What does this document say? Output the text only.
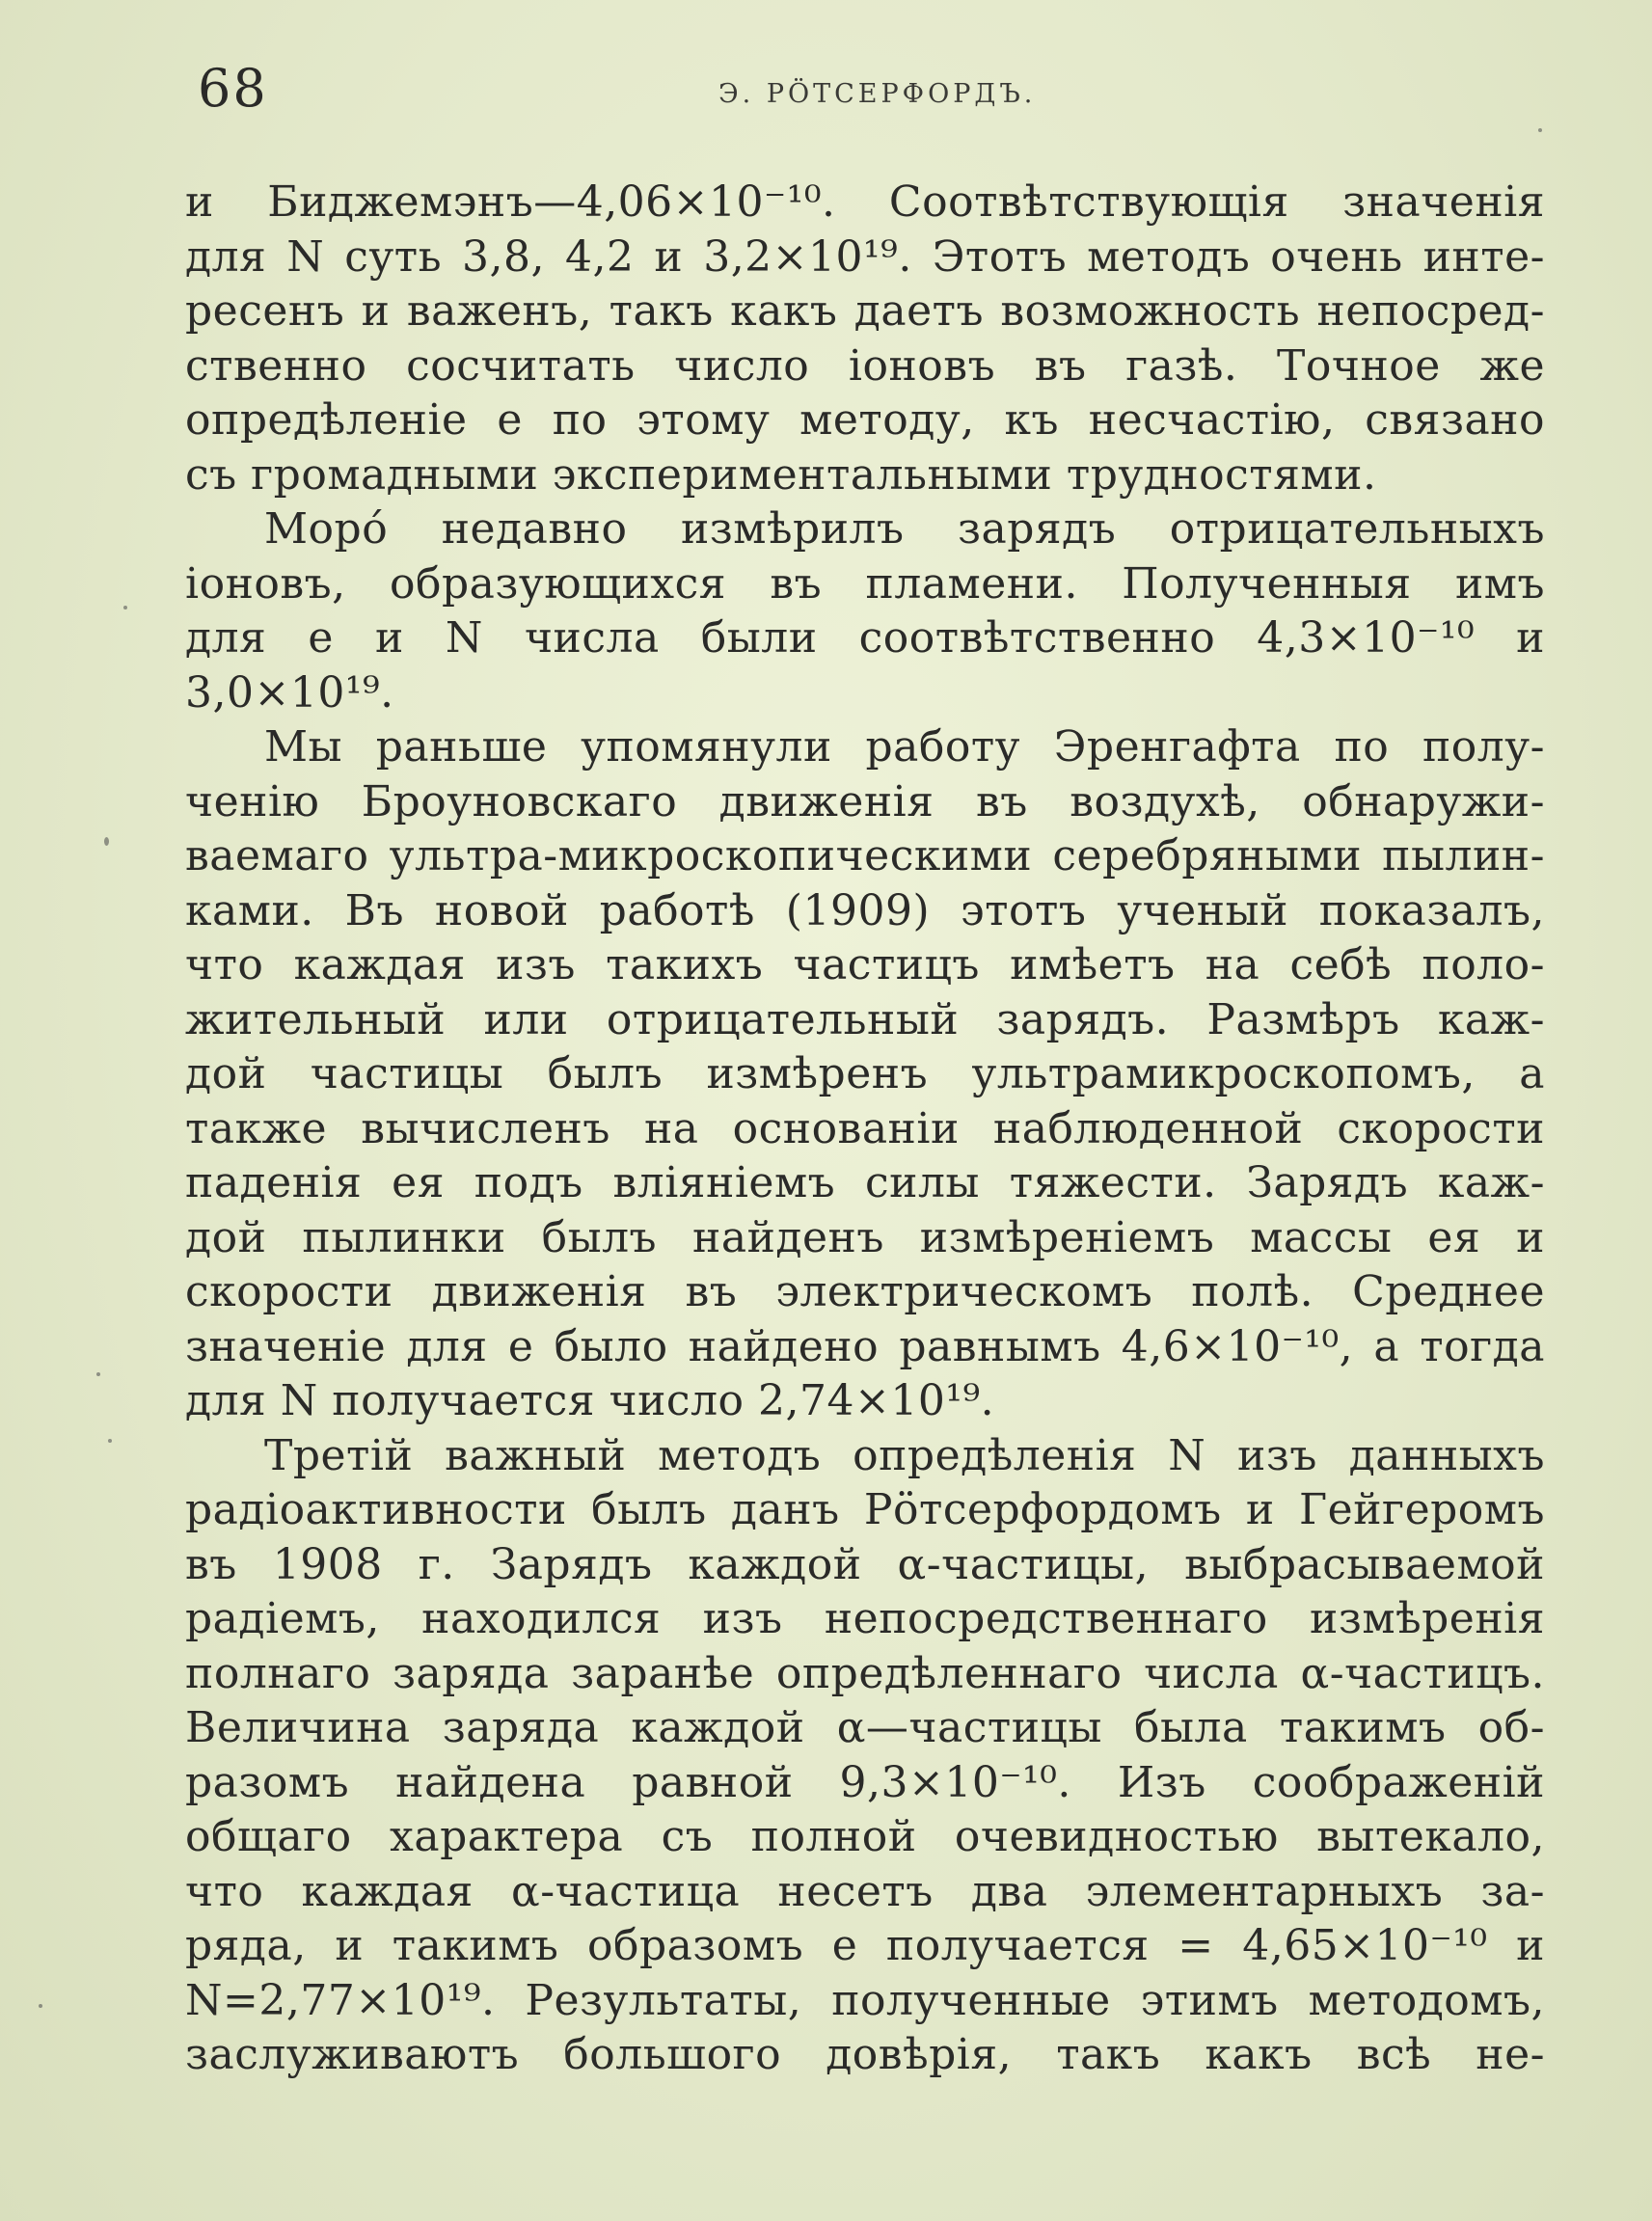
68	Э. РӦТСЕРФОРДЪ.
и Биджемэнъ—4,06×10⁻¹⁰. Соотвѣтствующія значенія
для N суть 3,8, 4,2 и 3,2×10¹⁹. Этотъ методъ очень инте-
ресенъ и важенъ, такъ какъ даетъ возможность непосред-
ственно сосчитать число іоновъ въ газѣ. Точное же
опредѣленіе e по этому методу, къ несчастію, связано
съ громадными экспериментальными трудностями.
Моро́ недавно измѣрилъ зарядъ отрицательныхъ
іоновъ, образующихся въ пламени. Полученныя имъ
для e и N числа были соотвѣтственно 4,3×10⁻¹⁰ и
3,0×10¹⁹.
Мы раньше упомянули работу Эренгафта по полу-
ченію Броуновскаго движенія въ воздухѣ, обнаружи-
ваемаго ультра-микроскопическими серебряными пылин-
ками. Въ новой работѣ (1909) этотъ ученый показалъ,
что каждая изъ такихъ частицъ имѣетъ на себѣ поло-
жительный или отрицательный зарядъ. Размѣръ каж-
дой частицы былъ измѣренъ ультрамикроскопомъ, а
также вычисленъ на основаніи наблюденной скорости
паденія ея подъ вліяніемъ силы тяжести. Зарядъ каж-
дой пылинки былъ найденъ измѣреніемъ массы ея и
скорости движенія въ электрическомъ полѣ. Среднее
значеніе для e было найдено равнымъ 4,6×10⁻¹⁰, а тогда
для N получается число 2,74×10¹⁹.
Третій важный методъ опредѣленія N изъ данныхъ
радіоактивности былъ данъ Рӧтсерфордомъ и Гейгеромъ
въ 1908 г. Зарядъ каждой α-частицы, выбрасываемой
радіемъ, находился изъ непосредственнаго измѣренія
полнаго заряда заранѣе опредѣленнаго числа α-частицъ.
Величина заряда каждой α—частицы была такимъ об-
разомъ найдена равной 9,3×10⁻¹⁰. Изъ соображеній
общаго характера съ полной очевидностью вытекало,
что каждая α-частица несетъ два элементарныхъ за-
ряда, и такимъ образомъ e получается = 4,65×10⁻¹⁰ и
N=2,77×10¹⁹. Результаты, полученные этимъ методомъ,
заслуживаютъ большого довѣрія, такъ какъ всѣ не-
